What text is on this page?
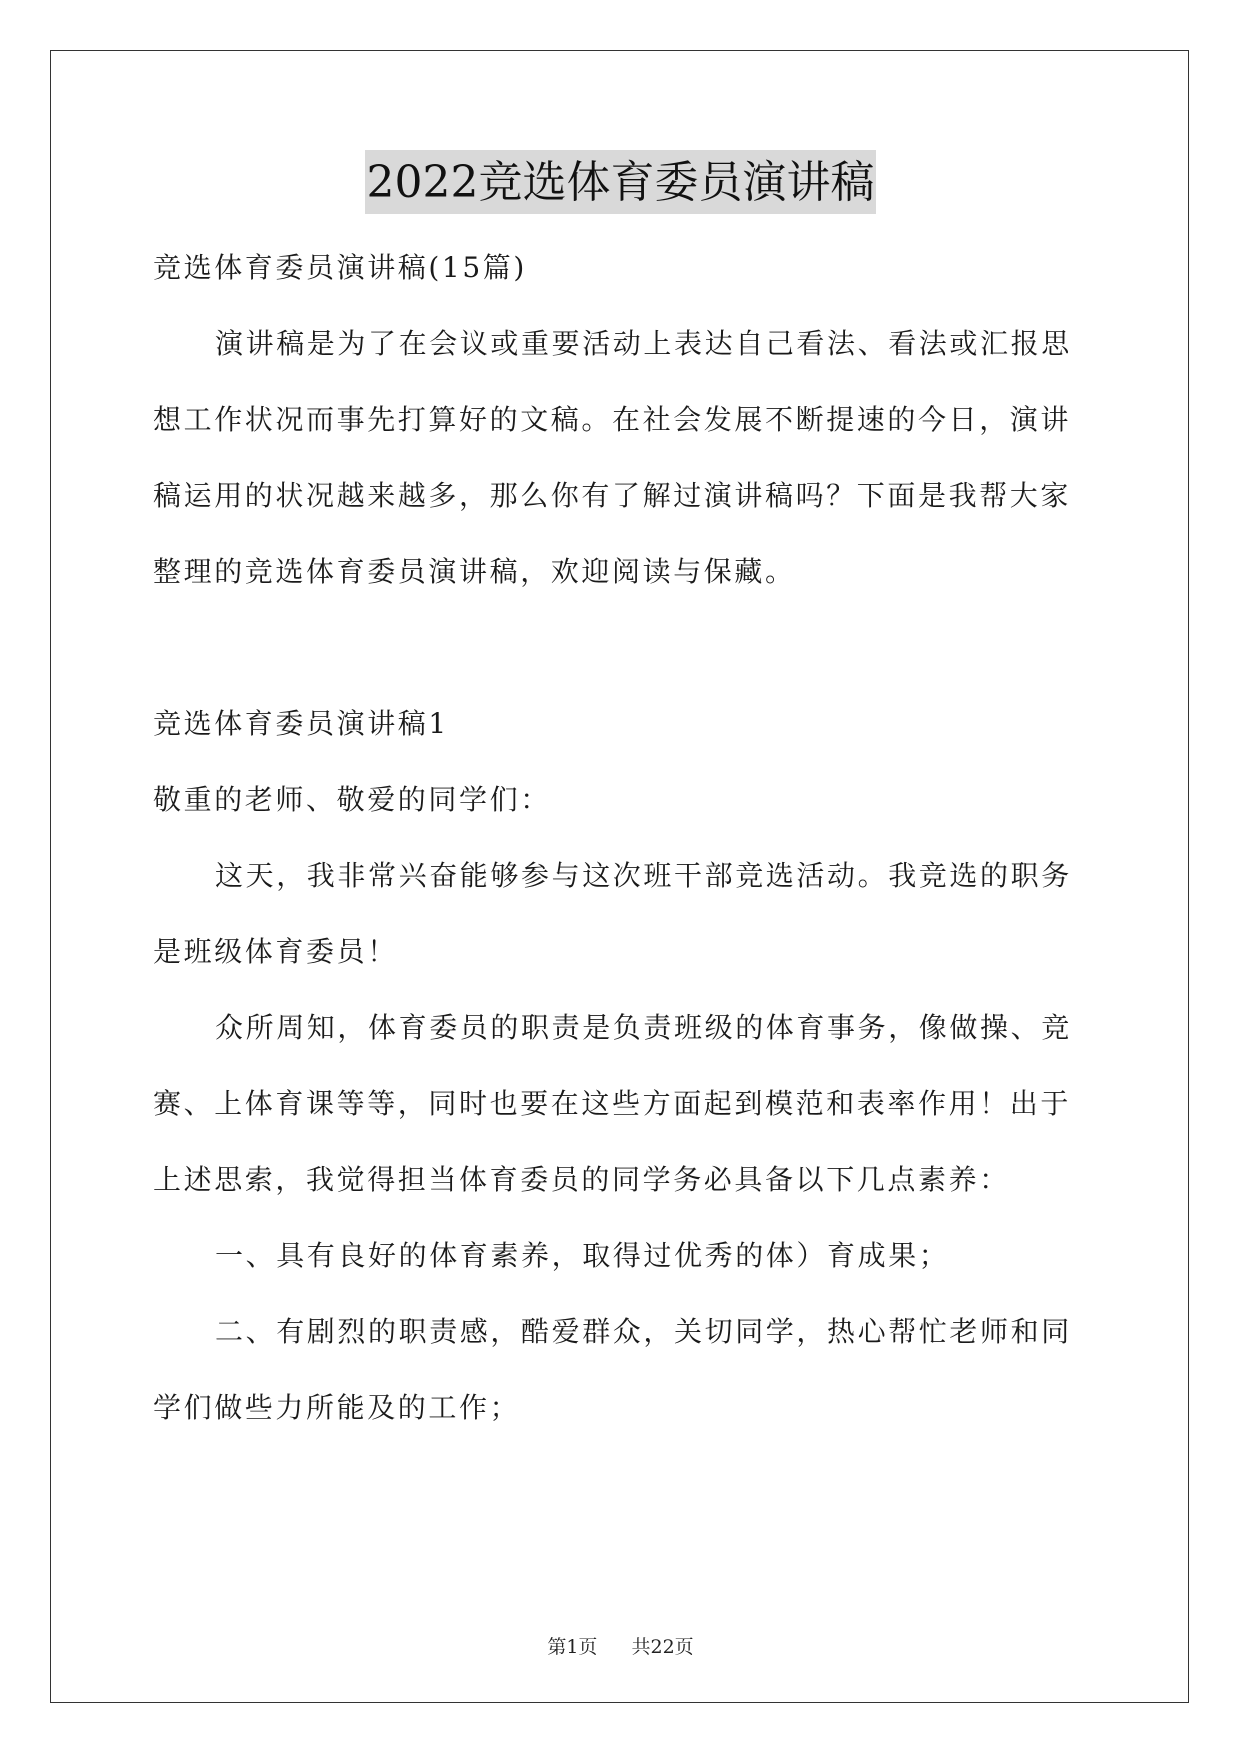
2022竞选体育委员演讲稿

竞选体育委员演讲稿(15篇)

演讲稿是为了在会议或重要活动上表达自己看法、看法或汇报思想工作状况而事先打算好的文稿。在社会发展不断提速的今日，演讲稿运用的状况越来越多，那么你有了解过演讲稿吗？下面是我帮大家整理的竞选体育委员演讲稿，欢迎阅读与保藏。

竞选体育委员演讲稿1

敬重的老师、敬爱的同学们：

这天，我非常兴奋能够参与这次班干部竞选活动。我竞选的职务是班级体育委员！

众所周知，体育委员的职责是负责班级的体育事务，像做操、竞赛、上体育课等等，同时也要在这些方面起到模范和表率作用！出于上述思索，我觉得担当体育委员的同学务必具备以下几点素养：

一、具有良好的体育素养，取得过优秀的体）育成果；

二、有剧烈的职责感，酷爱群众，关切同学，热心帮忙老师和同学们做些力所能及的工作；

第1页 共22页
